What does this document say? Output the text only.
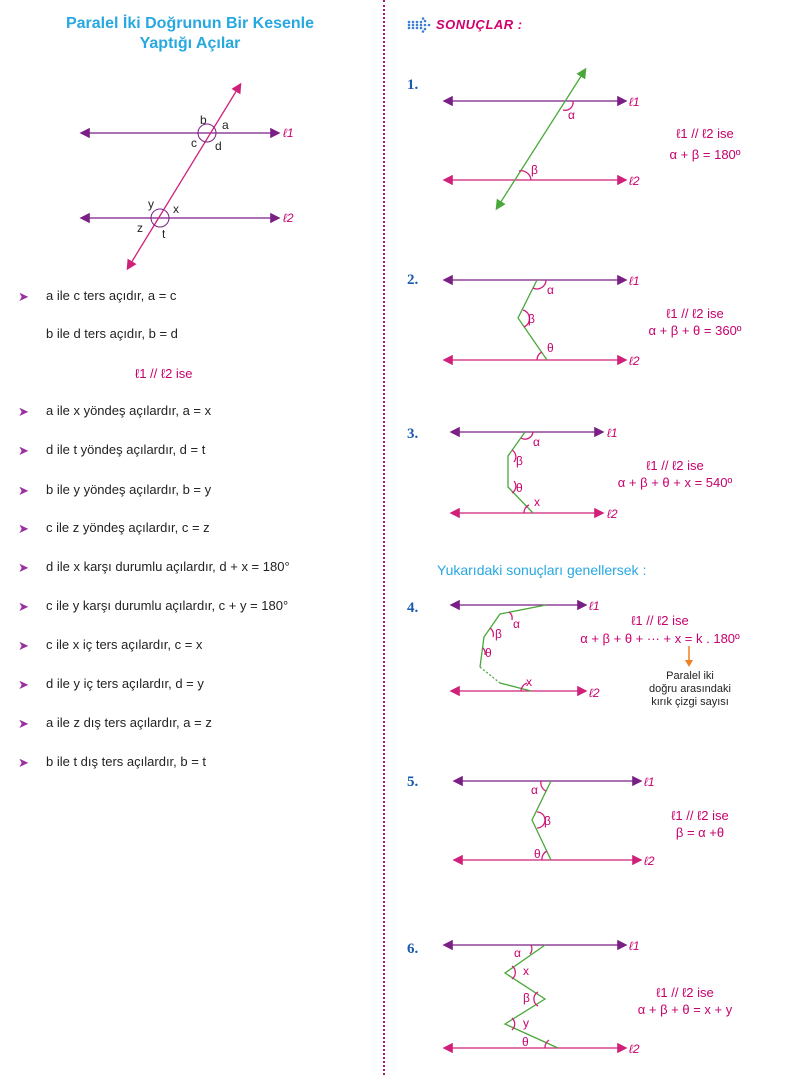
Paralel İki Doğrunun Bir Kesenle
Yaptığı Açılar
b a
c d
y x
z t
ℓ1
ℓ2
➤ a ile c ters açıdır, a = c
b ile d ters açıdır, b = d
ℓ1 // ℓ2 ise
➤ a ile x yöndeş açılardır, a = x
➤ d ile t yöndeş açılardır, d = t
➤ b ile y yöndeş açılardır, b = y
➤ c ile z yöndeş açılardır, c = z
➤ d ile x karşı durumlu açılardır, d + x = 180°
➤ c ile y karşı durumlu açılardır, c + y = 180°
➤ c ile x iç ters açılardır, c = x
➤ d ile y iç ters açılardır, d = y
➤ a ile z dış ters açılardır, a = z
➤ b ile t dış ters açılardır, b = t
SONUÇLAR :
1.
2.
3.
4.
5.
6.
ℓ1 // ℓ2 ise
α + β = 180º
ℓ1 // ℓ2 ise
α + β + θ = 360º
ℓ1 // ℓ2 ise
α + β + θ + x = 540º
ℓ1 // ℓ2 ise
α + β + θ + ··· + x = k . 180º
ℓ1 // ℓ2 ise
β = α +θ
ℓ1 // ℓ2 ise
α + β + θ = x + y
Yukarıdaki sonuçları genellersek :
Paralel iki
doğru arasındaki
kırık çizgi sayısı
α
β
ℓ1
ℓ2
α
β
θ
ℓ1
ℓ2
α
β
θ
x
ℓ1
ℓ2
α
β
θ
x
ℓ1
ℓ2
α
β
θ
ℓ1
ℓ2
α
x
β
y
θ
ℓ1
ℓ2
